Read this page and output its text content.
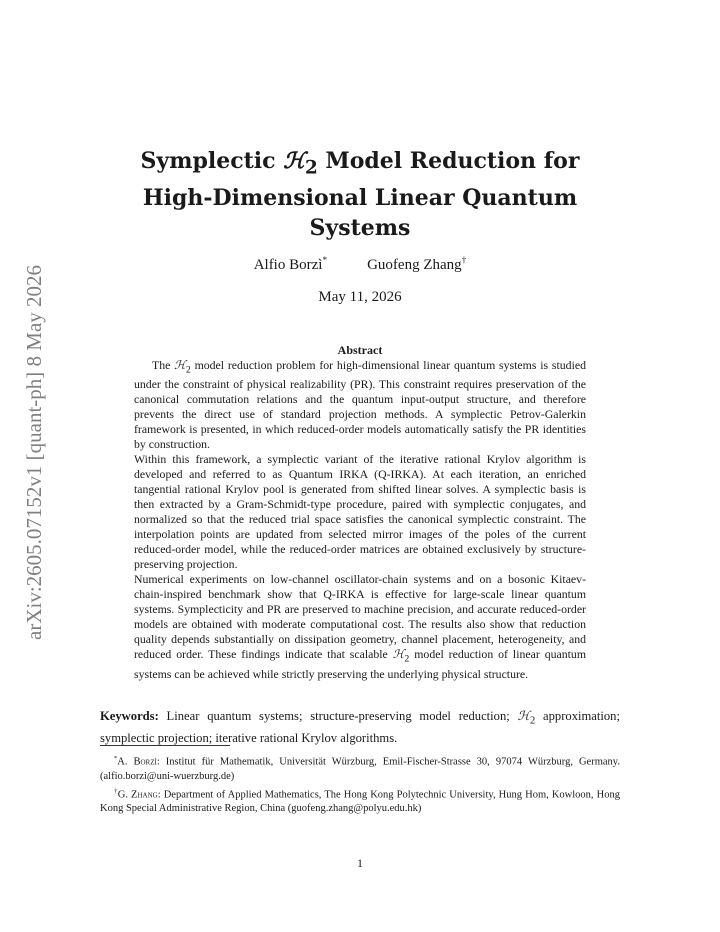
arXiv:2605.07152v1 [quant-ph] 8 May 2026
Symplectic ℋ$_2$ Model Reduction for
High-Dimensional Linear Quantum
Systems
Alfio Borzì*	Guofeng Zhang†
May 11, 2026
Abstract

The ℋ$_2$ model reduction problem for high-dimensional linear quantum systems is studied under the constraint of physical realizability (PR). This constraint requires preservation of the canonical commutation relations and the quantum input-output structure, and therefore prevents the direct use of standard projection methods. A symplectic Petrov-Galerkin framework is presented, in which reduced-order models automatically satisfy the PR identities by construction.

Within this framework, a symplectic variant of the iterative rational Krylov algorithm is developed and referred to as Quantum IRKA (Q-IRKA). At each iteration, an enriched tangential rational Krylov pool is generated from shifted linear solves. A symplectic basis is then extracted by a Gram-Schmidt-type procedure, paired with symplectic conjugates, and normalized so that the reduced trial space satisfies the canonical symplectic constraint. The interpolation points are updated from selected mirror images of the poles of the current reduced-order model, while the reduced-order matrices are obtained exclusively by structure-preserving projection.

Numerical experiments on low-channel oscillator-chain systems and on a bosonic Kitaev-chain-inspired benchmark show that Q-IRKA is effective for large-scale linear quantum systems. Symplecticity and PR are preserved to machine precision, and accurate reduced-order models are obtained with moderate computational cost. The results also show that reduction quality depends substantially on dissipation geometry, channel placement, heterogeneity, and reduced order. These findings indicate that scalable ℋ$_2$ model reduction of linear quantum systems can be achieved while strictly preserving the underlying physical structure.

Keywords: Linear quantum systems; structure-preserving model reduction; ℋ$_2$ approximation; symplectic projection; iterative rational Krylov algorithms.

*A. Borzì: Institut für Mathematik, Universität Würzburg, Emil-Fischer-Strasse 30, 97074 Würzburg, Germany. (alfio.borzi@uni-wuerzburg.de)

†G. Zhang: Department of Applied Mathematics, The Hong Kong Polytechnic University, Hung Hom, Kowloon, Hong Kong Special Administrative Region, China (guofeng.zhang@polyu.edu.hk)

1
